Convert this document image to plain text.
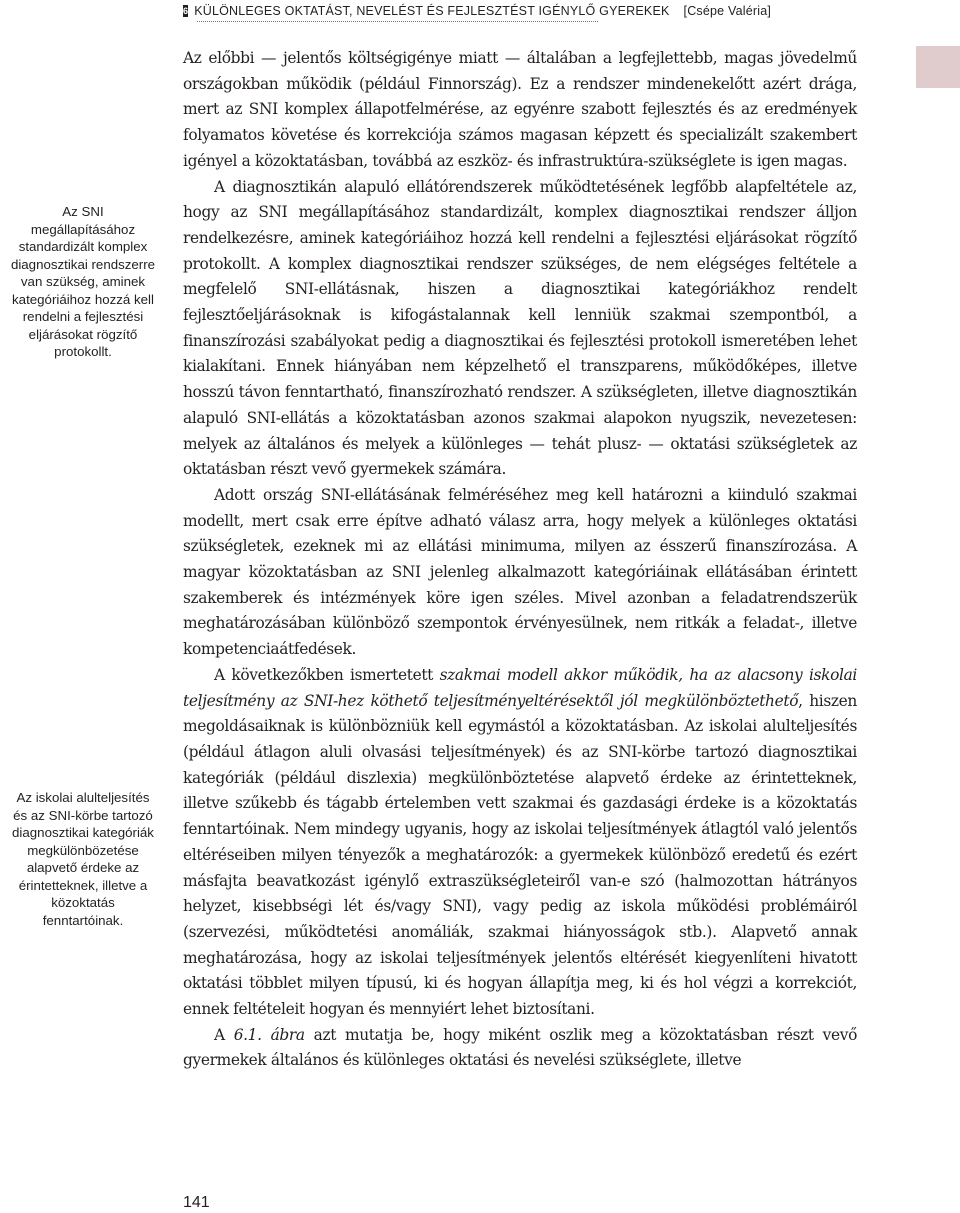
6 KÜLÖNLEGES OKTATÁST, NEVELÉST ÉS FEJLESZTÉST IGÉNYLŐ GYEREKEK [Csépe Valéria]
Az SNI megállapításához standardizált komplex diagnosztikai rendszerre van szükség, aminek kategóriáihoz hozzá kell rendelni a fejlesztési eljárásokat rögzítő protokollt.
Az iskolai alulteljesítés és az SNI-körbe tartozó diagnosztikai kategóriák megkülönbözetése alapvető érdeke az érintetteknek, illetve a közoktatás fenntartóinak.

Az előbbi — jelentős költségigénye miatt — általában a legfejlettebb, magas jövedelmű országokban működik (például Finnország). Ez a rendszer mindenekelőtt azért drága, mert az SNI komplex állapotfelmérése, az egyénre szabott fejlesztés és az eredmények folyamatos követése és korrekciója számos magasan képzett és specializált szakembert igényel a közoktatásban, továbbá az eszköz- és infrastruktúra-szükséglete is igen magas.

A diagnosztikán alapuló ellátórendszerek működtetésének legfőbb alapfeltétele az, hogy az SNI megállapításához standardizált, komplex diagnosztikai rendszer álljon rendelkezésre, aminek kategóriáihoz hozzá kell rendelni a fejlesztési eljárásokat rögzítő protokollt. A komplex diagnosztikai rendszer szükséges, de nem elégséges feltétele a megfelelő SNI-ellátásnak, hiszen a diagnosztikai kategóriákhoz rendelt fejlesztőeljárásoknak is kifogástalannak kell lenniük szakmai szempontból, a finanszírozási szabályokat pedig a diagnosztikai és fejlesztési protokoll ismeretében lehet kialakítani. Ennek hiányában nem képzelhető el transzparens, működőképes, illetve hosszú távon fenntartható, finanszírozható rendszer. A szükségleten, illetve diagnosztikán alapuló SNI-ellátás a közoktatásban azonos szakmai alapokon nyugszik, nevezetesen: melyek az általános és melyek a különleges — tehát plusz- — oktatási szükségletek az oktatásban részt vevő gyermekek számára.

Adott ország SNI-ellátásának felméréséhez meg kell határozni a kiinduló szakmai modellt, mert csak erre építve adható válasz arra, hogy melyek a különleges oktatási szükségletek, ezeknek mi az ellátási minimuma, milyen az ésszerű finanszírozása. A magyar közoktatásban az SNI jelenleg alkalmazott kategóriáinak ellátásában érintett szakemberek és intézmények köre igen széles. Mivel azonban a feladatrendszerük meghatározásában különböző szempontok érvényesülnek, nem ritkák a feladat-, illetve kompetenciaátfedések.

A következőkben ismertetett szakmai modell akkor működik, ha az alacsony iskolai teljesítmény az SNI-hez köthető teljesítményeltérésektől jól megkülönböztethető, hiszen megoldásaiknak is különbözniük kell egymástól a közoktatásban. Az iskolai alulteljesítés (például átlagon aluli olvasási teljesítmények) és az SNI-körbe tartozó diagnosztikai kategóriák (például diszlexia) megkülönböztetése alapvető érdeke az érintetteknek, illetve szűkebb és tágabb értelemben vett szakmai és gazdasági érdeke is a közoktatás fenntartóinak. Nem mindegy ugyanis, hogy az iskolai teljesítmények átlagtól való jelentős eltéréseiben milyen tényezők a meghatározók: a gyermekek különböző eredetű és ezért másfajta beavatkozást igénylő extraszükségleteiről van-e szó (halmozottan hátrányos helyzet, kisebbségi lét és/vagy SNI), vagy pedig az iskola működési problémáiról (szervezési, működtetési anomáliák, szakmai hiányosságok stb.). Alapvető annak meghatározása, hogy az iskolai teljesítmények jelentős eltérését kiegyenlíteni hivatott oktatási többlet milyen típusú, ki és hogyan állapítja meg, ki és hol végzi a korrekciót, ennek feltételeit hogyan és mennyiért lehet biztosítani.

A 6.1. ábra azt mutatja be, hogy miként oszlik meg a közoktatásban részt vevő gyermekek általános és különleges oktatási és nevelési szükséglete, illetve

141
